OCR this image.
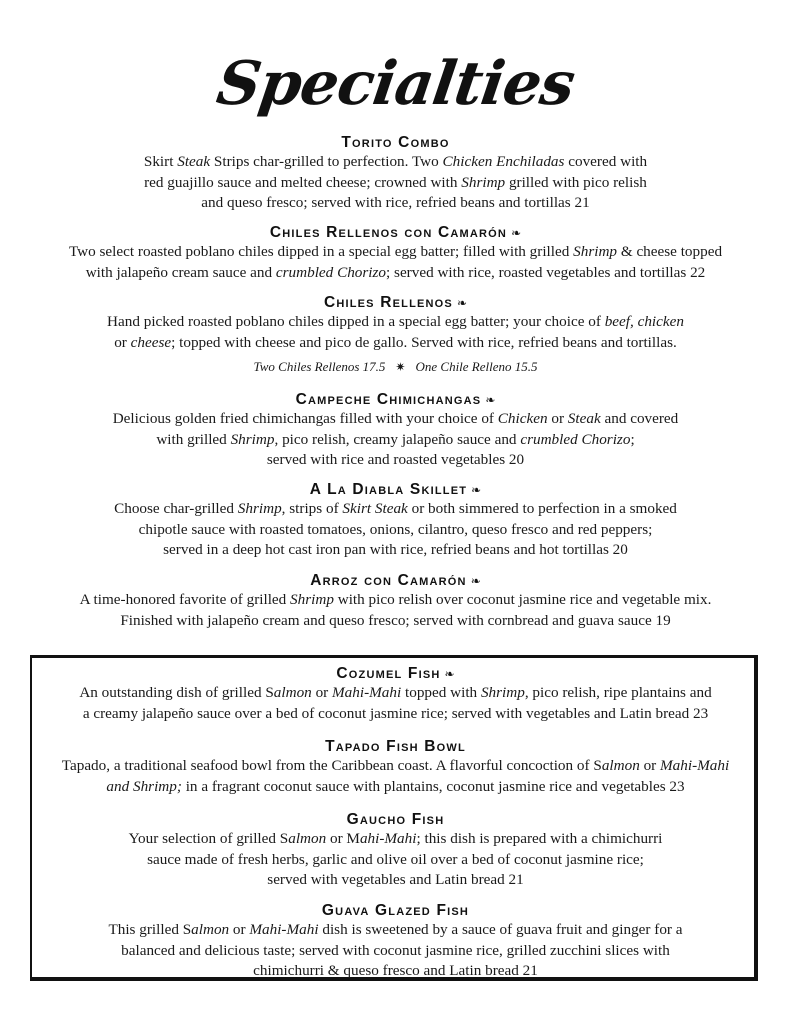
Specialties
Torito Combo
Skirt Steak Strips char-grilled to perfection. Two Chicken Enchiladas covered with
red guajillo sauce and melted cheese; crowned with Shrimp grilled with pico relish
and queso fresco; served with rice, refried beans and tortillas 21
Chiles Rellenos con Camarón ❧
Two select roasted poblano chiles dipped in a special egg batter; filled with grilled Shrimp & cheese topped
with jalapeño cream sauce and crumbled Chorizo; served with rice, roasted vegetables and tortillas 22
Chiles Rellenos ❧
Hand picked roasted poblano chiles dipped in a special egg batter; your choice of beef, chicken
or cheese; topped with cheese and pico de gallo. Served with rice, refried beans and tortillas.
Two Chiles Rellenos 17.5 ✷ One Chile Relleno 15.5
Campeche Chimichangas ❧
Delicious golden fried chimichangas filled with your choice of Chicken or Steak and covered
with grilled Shrimp, pico relish, creamy jalapeño sauce and crumbled Chorizo;
served with rice and roasted vegetables 20
A La Diabla Skillet ❧
Choose char-grilled Shrimp, strips of Skirt Steak or both simmered to perfection in a smoked
chipotle sauce with roasted tomatoes, onions, cilantro, queso fresco and red peppers;
served in a deep hot cast iron pan with rice, refried beans and hot tortillas 20
Arroz con Camarón ❧
A time-honored favorite of grilled Shrimp with pico relish over coconut jasmine rice and vegetable mix.
Finished with jalapeño cream and queso fresco; served with cornbread and guava sauce 19
Cozumel Fish ❧
An outstanding dish of grilled Salmon or Mahi-Mahi topped with Shrimp, pico relish, ripe plantains and
a creamy jalapeño sauce over a bed of coconut jasmine rice; served with vegetables and Latin bread 23
Tapado Fish Bowl
Tapado, a traditional seafood bowl from the Caribbean coast. A flavorful concoction of Salmon or Mahi-Mahi
and Shrimp; in a fragrant coconut sauce with plantains, coconut jasmine rice and vegetables 23
Gaucho Fish
Your selection of grilled Salmon or Mahi-Mahi; this dish is prepared with a chimichurri
sauce made of fresh herbs, garlic and olive oil over a bed of coconut jasmine rice;
served with vegetables and Latin bread 21
Guava Glazed Fish
This grilled Salmon or Mahi-Mahi dish is sweetened by a sauce of guava fruit and ginger for a
balanced and delicious taste; served with coconut jasmine rice, grilled zucchini slices with
chimichurri & queso fresco and Latin bread 21
